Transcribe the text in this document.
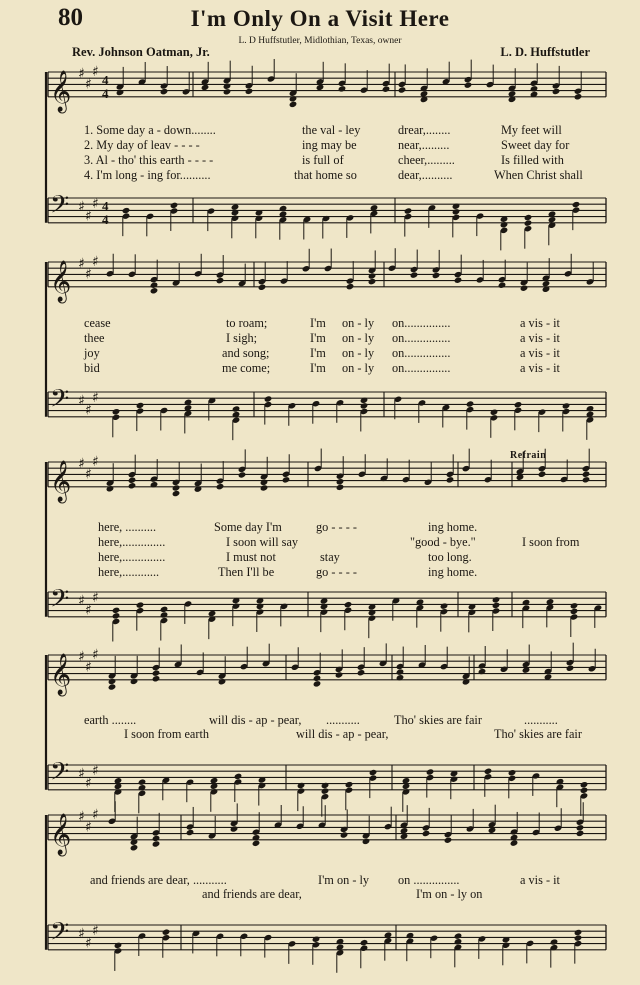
80	I'm Only On a Visit Here
L. D Huffstutler, Midlothian, Texas, owner
Rev. Johnson Oatman, Jr.	L. D. Huffstutler
Refrain
𝄞 ♯
♯
♯ 4
4
𝄢 ♯
♯
♯ 4
4
𝄞 ♯
♯
♯
𝄢 ♯
♯
♯
𝄞 ♯
♯
♯
𝄢 ♯
♯
♯
𝄞 ♯
♯
♯
𝄢 ♯
♯
♯
𝄞 ♯
♯
♯
𝄢 ♯
♯
♯
1. Some day a - down........	the val - ley	drear,........	My feet will
2. My day of leav - - - -	ing may be	near,.........	Sweet day for
3. Al - tho' this earth - - - -	is full of	cheer,.........	Is filled with
4. I'm long - ing for..........	that home so	dear,..........	When Christ shall
cease	to roam;	I'm on - ly on...............	a vis - it
thee	I sigh;	I'm on - ly on...............	a vis - it
joy	and song;	I'm on - ly on...............	a vis - it
bid	me come;	I'm on - ly on...............	a vis - it
here, ..........	Some day I'm	go - - - -	ing home.
here,..............	I soon will say	"good - bye."	I soon from
here,..............	I must not	stay	too long.
here,............	Then I'll be	go - - - -	ing home.
earth ........	will dis - ap - pear, ...........	Tho' skies are fair	...........
I soon from earth	will dis - ap - pear,	Tho' skies are fair
and friends are dear, ...........	I'm on - ly on ...............	a vis - it
and friends are dear,	I'm on - ly on
